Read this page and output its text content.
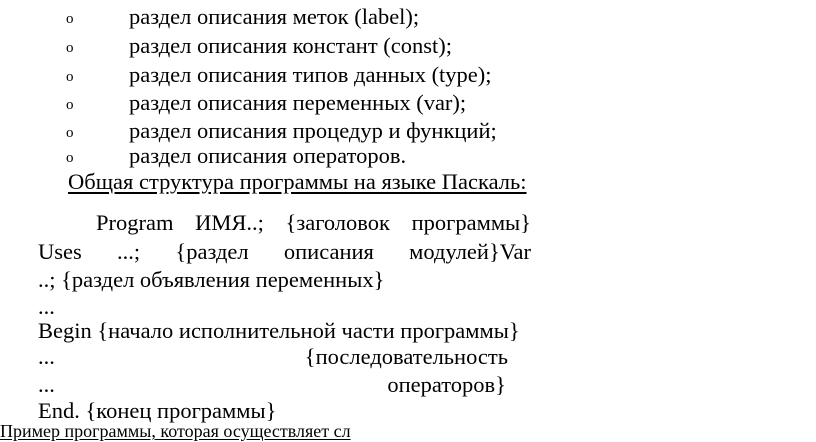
o раздел описания меток (label);
o раздел описания констант (const);
o раздел описания типов данных (type);
o раздел описания переменных (var);
o раздел описания процедур и функций;
o раздел описания операторов.
Общая структура программы на языке Паскаль:
Program ИМЯ..; {заголовок программы}
Uses ...; {раздел описания модулей}Var
..; {раздел объявления переменных}
...
Begin {начало исполнительной части программы}
...	{последовательность
...	операторов}
End. {конец программы}
Пример программы, которая осуществляет сл
